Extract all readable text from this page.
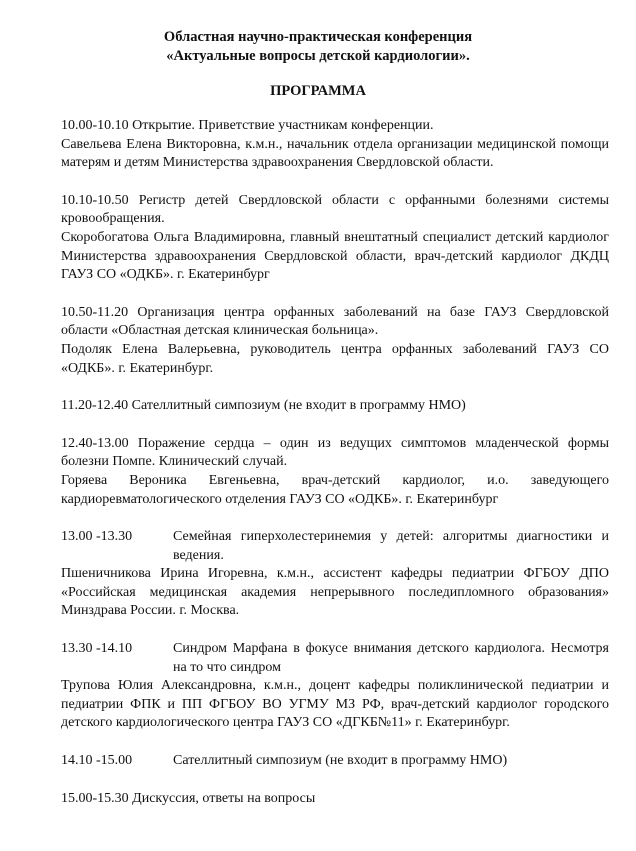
Областная научно-практическая конференция
«Актуальные вопросы детской кардиологии».
ПРОГРАММА

10.00-10.10 Открытие. Приветствие участникам конференции.

Савельева Елена Викторовна, к.м.н., начальник отдела организации медицинской помощи матерям и детям Министерства здравоохранения Свердловской области.

10.10-10.50 Регистр детей Свердловской области с орфанными болезнями системы кровообращения.

Скоробогатова Ольга Владимировна, главный внештатный специалист детский кардиолог Министерства здравоохранения Свердловской области, врач-детский кардиолог ДКДЦ ГАУЗ СО «ОДКБ». г. Екатеринбург

10.50-11.20 Организация центра орфанных заболеваний на базе ГАУЗ Свердловской области «Областная детская клиническая больница».

Подоляк Елена Валерьевна, руководитель центра орфанных заболеваний ГАУЗ СО «ОДКБ». г. Екатеринбург.

11.20-12.40 Сателлитный симпозиум (не входит в программу НМО)

12.40-13.00 Поражение сердца – один из ведущих симптомов младенческой формы болезни Помпе. Клинический случай.

Горяева Вероника Евгеньевна, врач-детский кардиолог, и.о. заведующего кардиоревматологического отделения ГАУЗ СО «ОДКБ». г. Екатеринбург

13.00 -13.30	Семейная гиперхолестеринемия у детей: алгоритмы диагностики и ведения.

Пшеничникова Ирина Игоревна, к.м.н., ассистент кафедры педиатрии ФГБОУ ДПО «Российская медицинская академия непрерывного последипломного образования» Минздрава России. г. Москва.

13.30 -14.10	Синдром Марфана в фокусе внимания детского кардиолога. Несмотря на то что синдром

Трупова Юлия Александровна, к.м.н., доцент кафедры поликлинической педиатрии и педиатрии ФПК и ПП ФГБОУ ВО УГМУ МЗ РФ, врач-детский кардиолог городского детского кардиологического центра ГАУЗ СО «ДГКБ№11» г. Екатеринбург.

14.10 -15.00	Сателлитный симпозиум (не входит в программу НМО)

15.00-15.30 Дискуссия, ответы на вопросы
